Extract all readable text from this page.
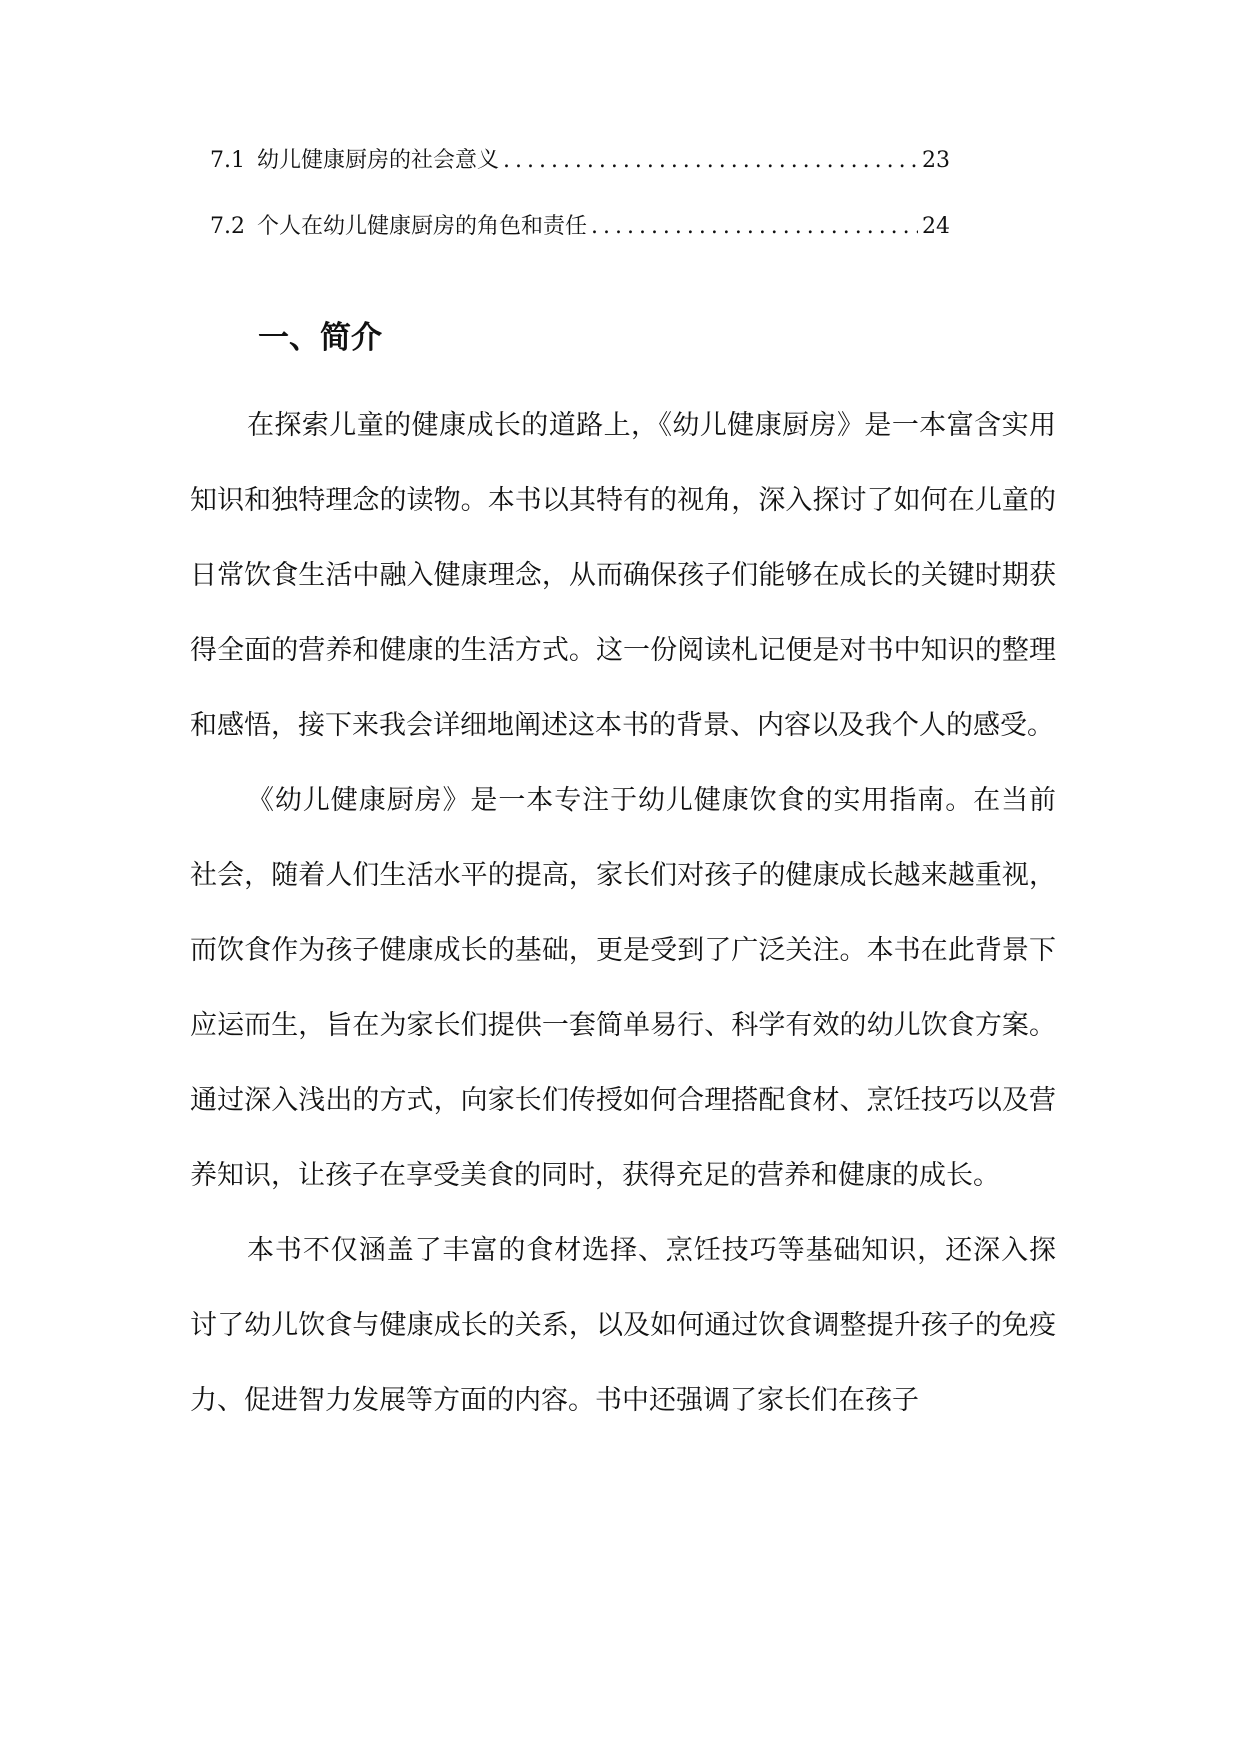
7.1 幼儿健康厨房的社会意义 . . .	23
7.2 个人在幼儿健康厨房的角色和责任 . . .	24
一、简介

在探索儿童的健康成长的道路上，《幼儿健康厨房》是一本富含实用知识和独特理念的读物。本书以其特有的视角，深入探讨了如何在儿童的日常饮食生活中融入健康理念，从而确保孩子们能够在成长的关键时期获得全面的营养和健康的生活方式。这一份阅读札记便是对书中知识的整理和感悟，接下来我会详细地阐述这本书的背景、内容以及我个人的感受。

《幼儿健康厨房》是一本专注于幼儿健康饮食的实用指南。在当前社会，随着人们生活水平的提高，家长们对孩子的健康成长越来越重视，而饮食作为孩子健康成长的基础，更是受到了广泛关注。本书在此背景下应运而生，旨在为家长们提供一套简单易行、科学有效的幼儿饮食方案。通过深入浅出的方式，向家长们传授如何合理搭配食材、烹饪技巧以及营养知识，让孩子在享受美食的同时，获得充足的营养和健康的成长。

本书不仅涵盖了丰富的食材选择、烹饪技巧等基础知识，还深入探讨了幼儿饮食与健康成长的关系，以及如何通过饮食调整提升孩子的免疫力、促进智力发展等方面的内容。书中还强调了家长们在孩子
